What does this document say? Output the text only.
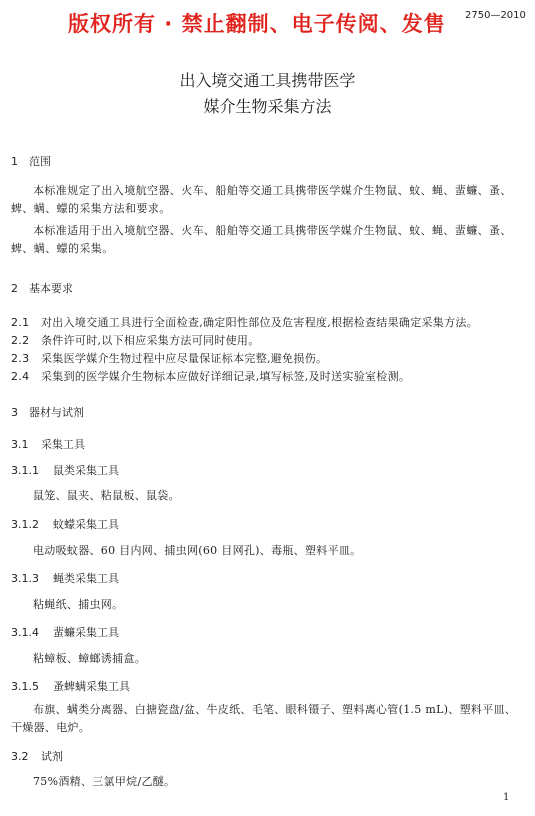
版权所有 · 禁止翻制、电子传阅、发售 2750—2010
出入境交通工具携带医学
媒介生物采集方法
1 范围
本标准规定了出入境航空器、火车、船舶等交通工具携带医学媒介生物鼠、蚊、蝇、蜚蠊、蚤、蜱、螨、蠓的采集方法和要求。
本标准适用于出入境航空器、火车、船舶等交通工具携带医学媒介生物鼠、蚊、蝇、蜚蠊、蚤、蜱、螨、蠓的采集。
2 基本要求
2.1 对出入境交通工具进行全面检查,确定阳性部位及危害程度,根据检查结果确定采集方法。
2.2 条件许可时,以下相应采集方法可同时使用。
2.3 采集医学媒介生物过程中应尽量保证标本完整,避免损伤。
2.4 采集到的医学媒介生物标本应做好详细记录,填写标签,及时送实验室检测。
3 器材与试剂
3.1 采集工具
3.1.1 鼠类采集工具
鼠笼、鼠夹、粘鼠板、鼠袋。
3.1.2 蚊蠓采集工具
电动吸蚊器、60 目内网、捕虫网(60 目网孔)、毒瓶、塑料平皿。
3.1.3 蝇类采集工具
粘蝇纸、捕虫网。
3.1.4 蜚蠊采集工具
粘蟑板、蟑螂诱捕盒。
3.1.5 蚤蜱螨采集工具
布旗、螨类分离器、白搪瓷盘/盆、牛皮纸、毛笔、眼科镊子、塑料离心管(1.5 mL)、塑料平皿、干燥器、电炉。
3.2 试剂
75%酒精、三氯甲烷/乙醚。
1
